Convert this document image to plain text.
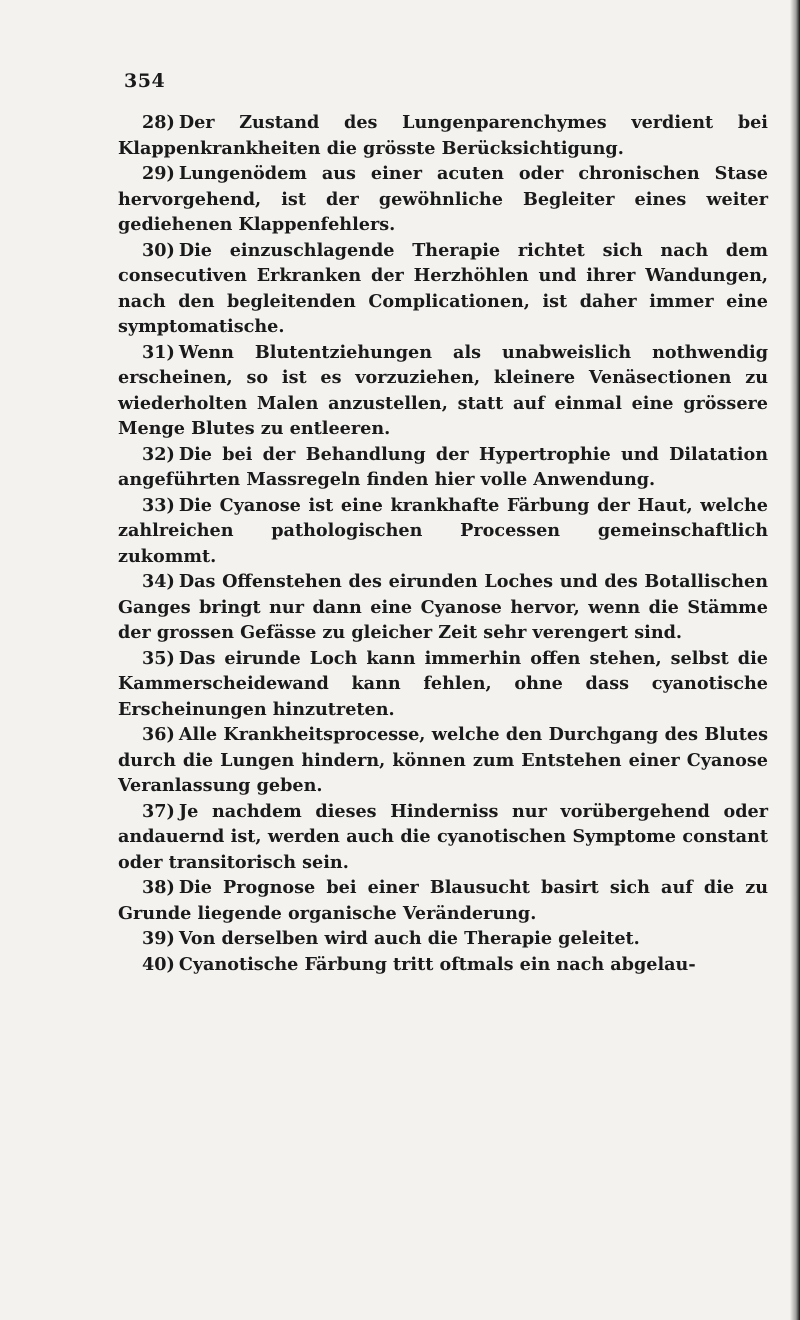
354

28) Der Zustand des Lungenparenchymes verdient bei Klappenkrankheiten die grösste Berücksichtigung.

29) Lungenödem aus einer acuten oder chronischen Stase hervorgehend, ist der gewöhnliche Begleiter eines weiter gediehenen Klappenfehlers.

30) Die einzuschlagende Therapie richtet sich nach dem consecutiven Erkranken der Herzhöhlen und ihrer Wandungen, nach den begleitenden Complicationen, ist daher immer eine symptomatische.

31) Wenn Blutentziehungen als unabweislich nothwendig erscheinen, so ist es vorzuziehen, kleinere Venäsectionen zu wiederholten Malen anzustellen, statt auf einmal eine grössere Menge Blutes zu entleeren.

32) Die bei der Behandlung der Hypertrophie und Dilatation angeführten Massregeln finden hier volle Anwendung.

33) Die Cyanose ist eine krankhafte Färbung der Haut, welche zahlreichen pathologischen Processen gemeinschaftlich zukommt.

34) Das Offenstehen des eirunden Loches und des Botallischen Ganges bringt nur dann eine Cyanose hervor, wenn die Stämme der grossen Gefässe zu gleicher Zeit sehr verengert sind.

35) Das eirunde Loch kann immerhin offen stehen, selbst die Kammerscheidewand kann fehlen, ohne dass cyanotische Erscheinungen hinzutreten.

36) Alle Krankheitsprocesse, welche den Durchgang des Blutes durch die Lungen hindern, können zum Entstehen einer Cyanose Veranlassung geben.

37) Je nachdem dieses Hinderniss nur vorübergehend oder andauernd ist, werden auch die cyanotischen Symptome constant oder transitorisch sein.

38) Die Prognose bei einer Blausucht basirt sich auf die zu Grunde liegende organische Veränderung.

39) Von derselben wird auch die Therapie geleitet.

40) Cyanotische Färbung tritt oftmals ein nach abgelau-
